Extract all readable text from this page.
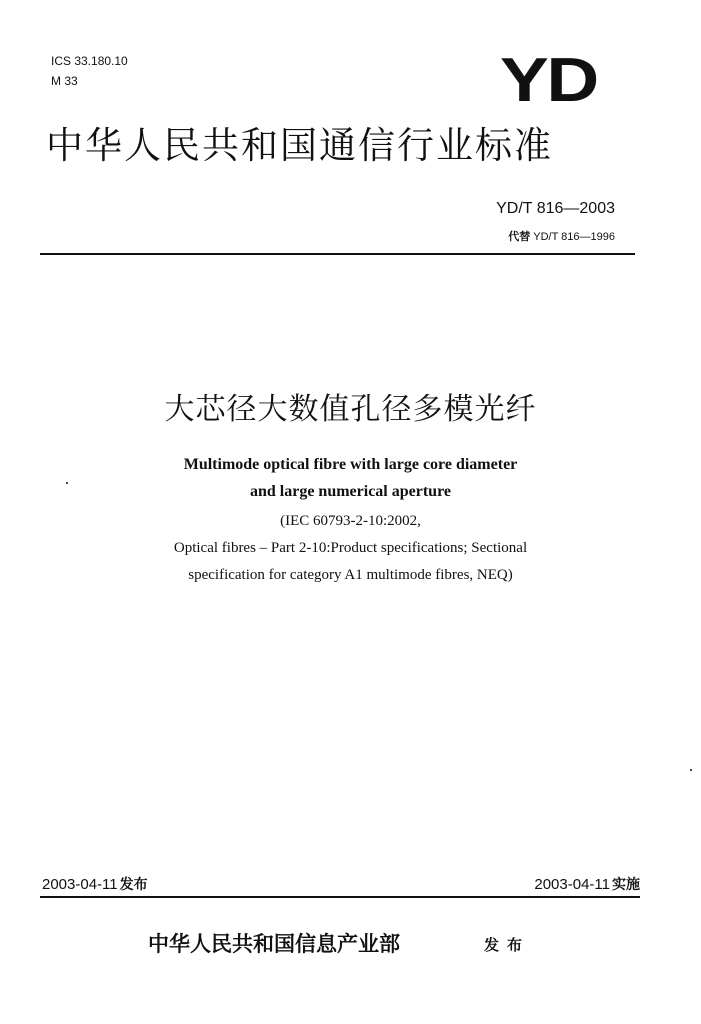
ICS 33.180.10
M 33	YD
中华人民共和国通信行业标准
YD/T 816—2003
代替 YD/T 816—1996
大芯径大数值孔径多模光纤
Multimode optical fibre with large core diameter
and large numerical aperture
(IEC 60793-2-10:2002,
Optical fibres – Part 2-10:Product specifications; Sectional
specification for category A1 multimode fibres, NEQ)
2003-04-11 发布	2003-04-11 实施
中华人民共和国信息产业部	发布
